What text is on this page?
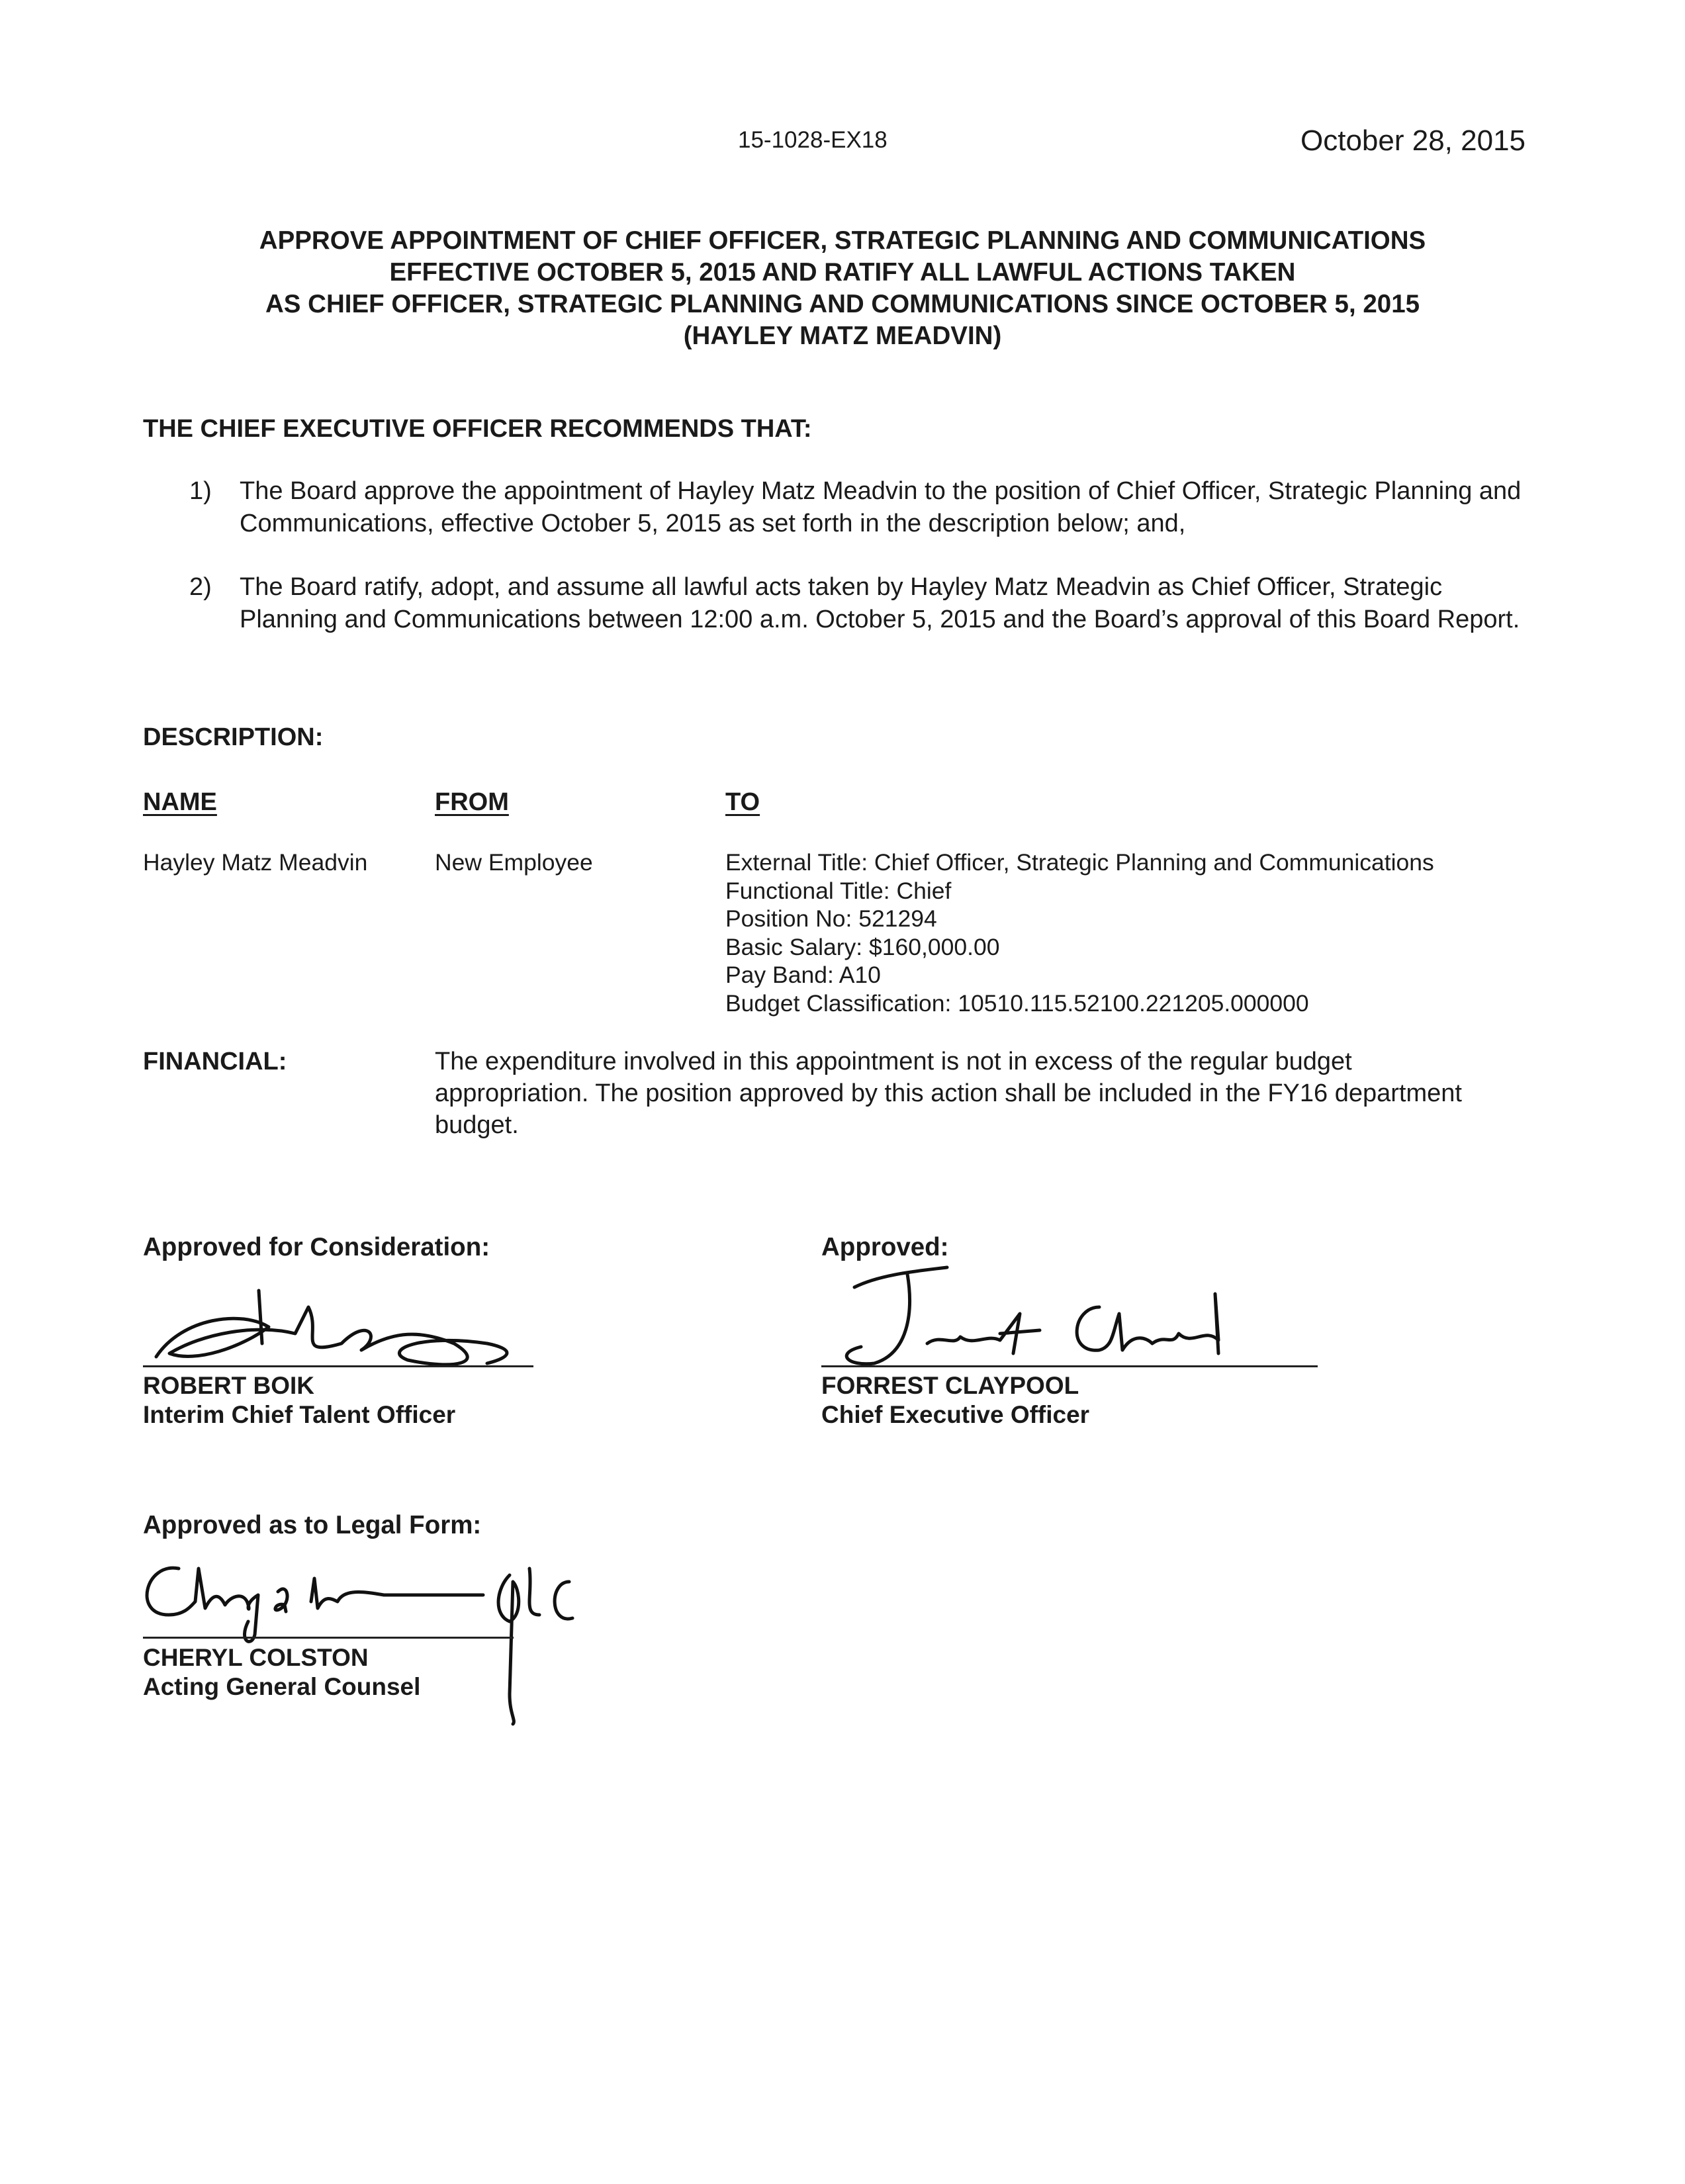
15-1028-EX18	October 28, 2015
APPROVE APPOINTMENT OF CHIEF OFFICER, STRATEGIC PLANNING AND COMMUNICATIONS
EFFECTIVE OCTOBER 5, 2015 AND RATIFY ALL LAWFUL ACTIONS TAKEN
AS CHIEF OFFICER, STRATEGIC PLANNING AND COMMUNICATIONS SINCE OCTOBER 5, 2015
(HAYLEY MATZ MEADVIN)
THE CHIEF EXECUTIVE OFFICER RECOMMENDS THAT:
1) The Board approve the appointment of Hayley Matz Meadvin to the position of Chief Officer, Strategic Planning and Communications, effective October 5, 2015 as set forth in the description below; and,
2) The Board ratify, adopt, and assume all lawful acts taken by Hayley Matz Meadvin as Chief Officer, Strategic Planning and Communications between 12:00 a.m. October 5, 2015 and the Board’s approval of this Board Report.
DESCRIPTION:
NAME	FROM	TO
Hayley Matz Meadvin	New Employee	External Title: Chief Officer, Strategic Planning and Communications
Functional Title: Chief
Position No: 521294
Basic Salary: $160,000.00
Pay Band: A10
Budget Classification: 10510.115.52100.221205.000000
FINANCIAL:	The expenditure involved in this appointment is not in excess of the regular budget appropriation. The position approved by this action shall be included in the FY16 department budget.
Approved for Consideration:
ROBERT BOIK
Interim Chief Talent Officer
Approved:
FORREST CLAYPOOL
Chief Executive Officer
Approved as to Legal Form:
CHERYL COLSTON
Acting General Counsel
